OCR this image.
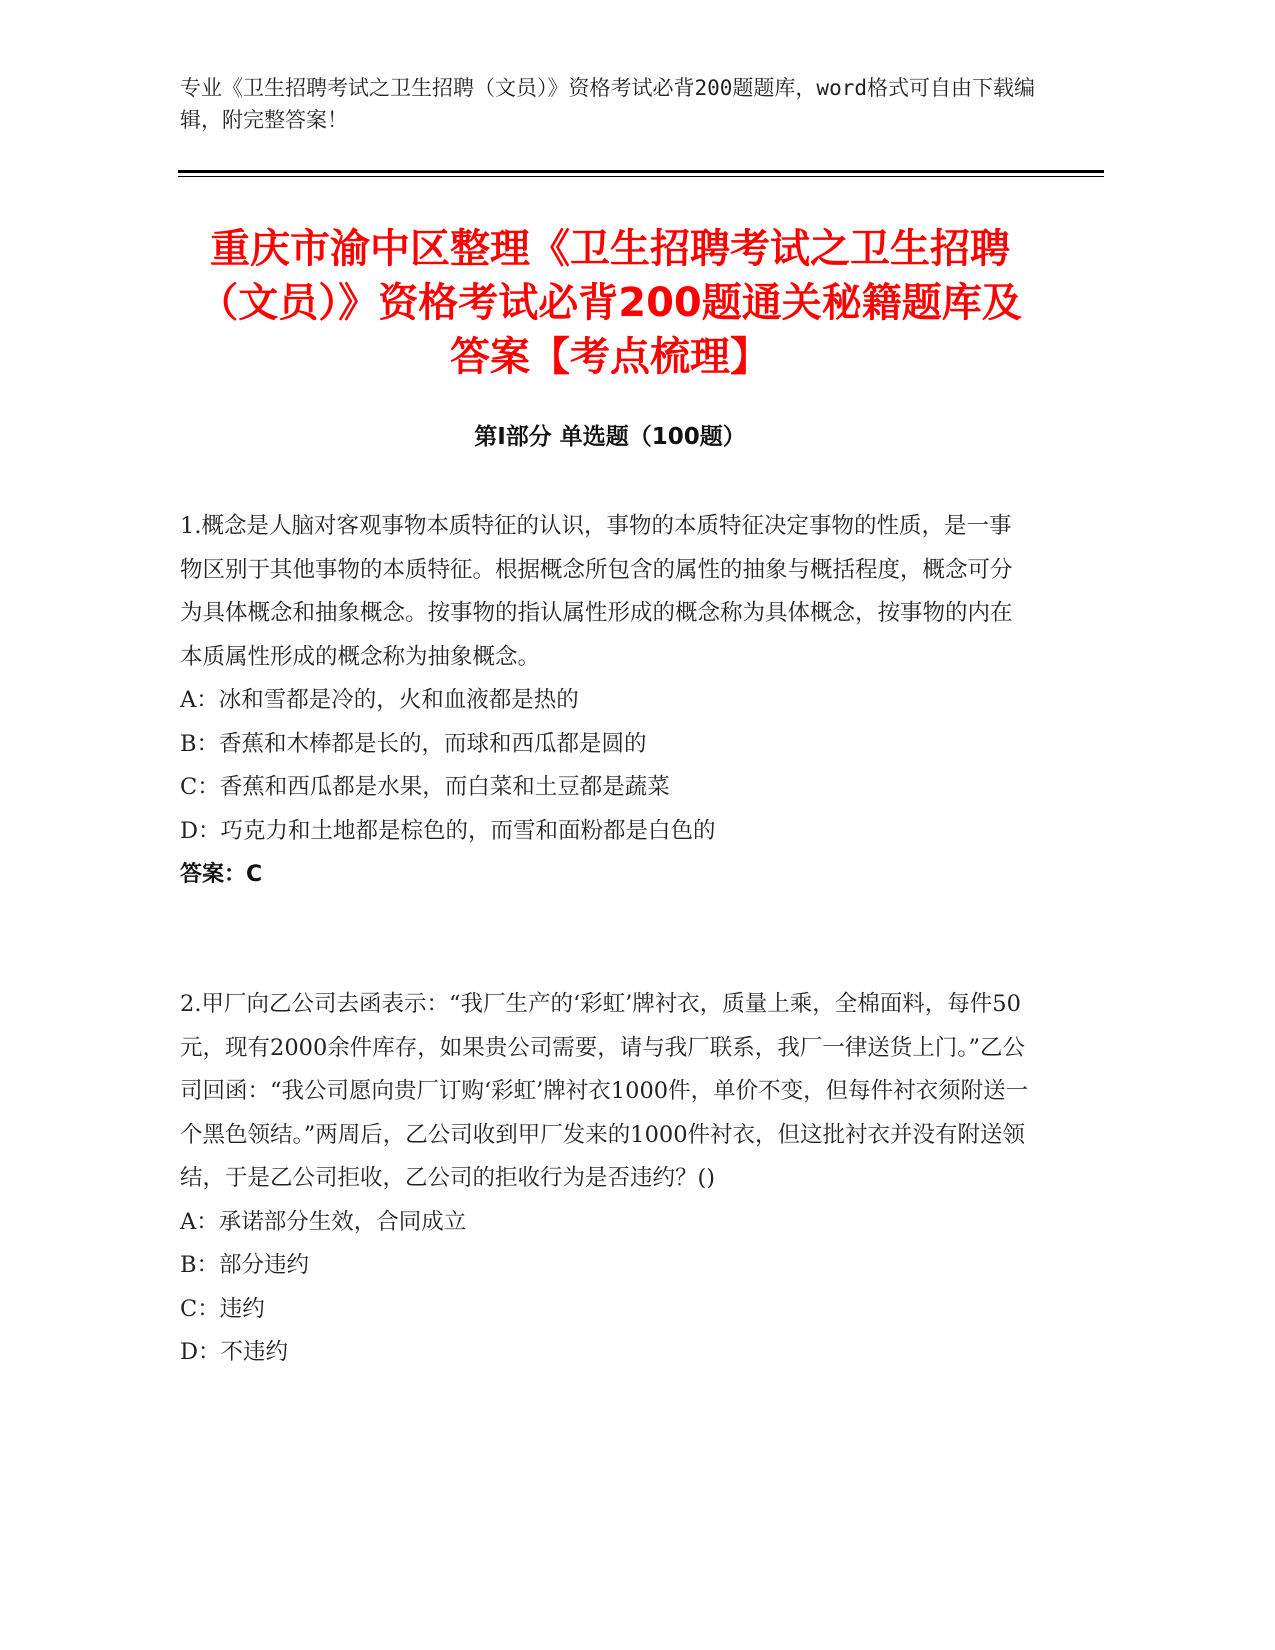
专业《卫生招聘考试之卫生招聘（文员）》资格考试必背200题题库，word格式可自由下载编辑，附完整答案！
重庆市渝中区整理《卫生招聘考试之卫生招聘（文员）》资格考试必背200题通关秘籍题库及答案【考点梳理】
第I部分 单选题（100题）

1.概念是人脑对客观事物本质特征的认识，事物的本质特征决定事物的性质，是一事物区别于其他事物的本质特征。根据概念所包含的属性的抽象与概括程度，概念可分为具体概念和抽象概念。按事物的指认属性形成的概念称为具体概念，按事物的内在本质属性形成的概念称为抽象概念。

A：冰和雪都是冷的，火和血液都是热的

B：香蕉和木棒都是长的，而球和西瓜都是圆的

C：香蕉和西瓜都是水果，而白菜和土豆都是蔬菜

D：巧克力和土地都是棕色的，而雪和面粉都是白色的

答案：C

2.甲厂向乙公司去函表示：“我厂生产的‘彩虹’牌衬衣，质量上乘，全棉面料，每件50元，现有2000余件库存，如果贵公司需要，请与我厂联系，我厂一律送货上门。”乙公司回函：“我公司愿向贵厂订购‘彩虹’牌衬衣1000件，单价不变，但每件衬衣须附送一个黑色领结。”两周后，乙公司收到甲厂发来的1000件衬衣，但这批衬衣并没有附送领结，于是乙公司拒收，乙公司的拒收行为是否违约？()

A：承诺部分生效，合同成立

B：部分违约

C：违约

D：不违约
